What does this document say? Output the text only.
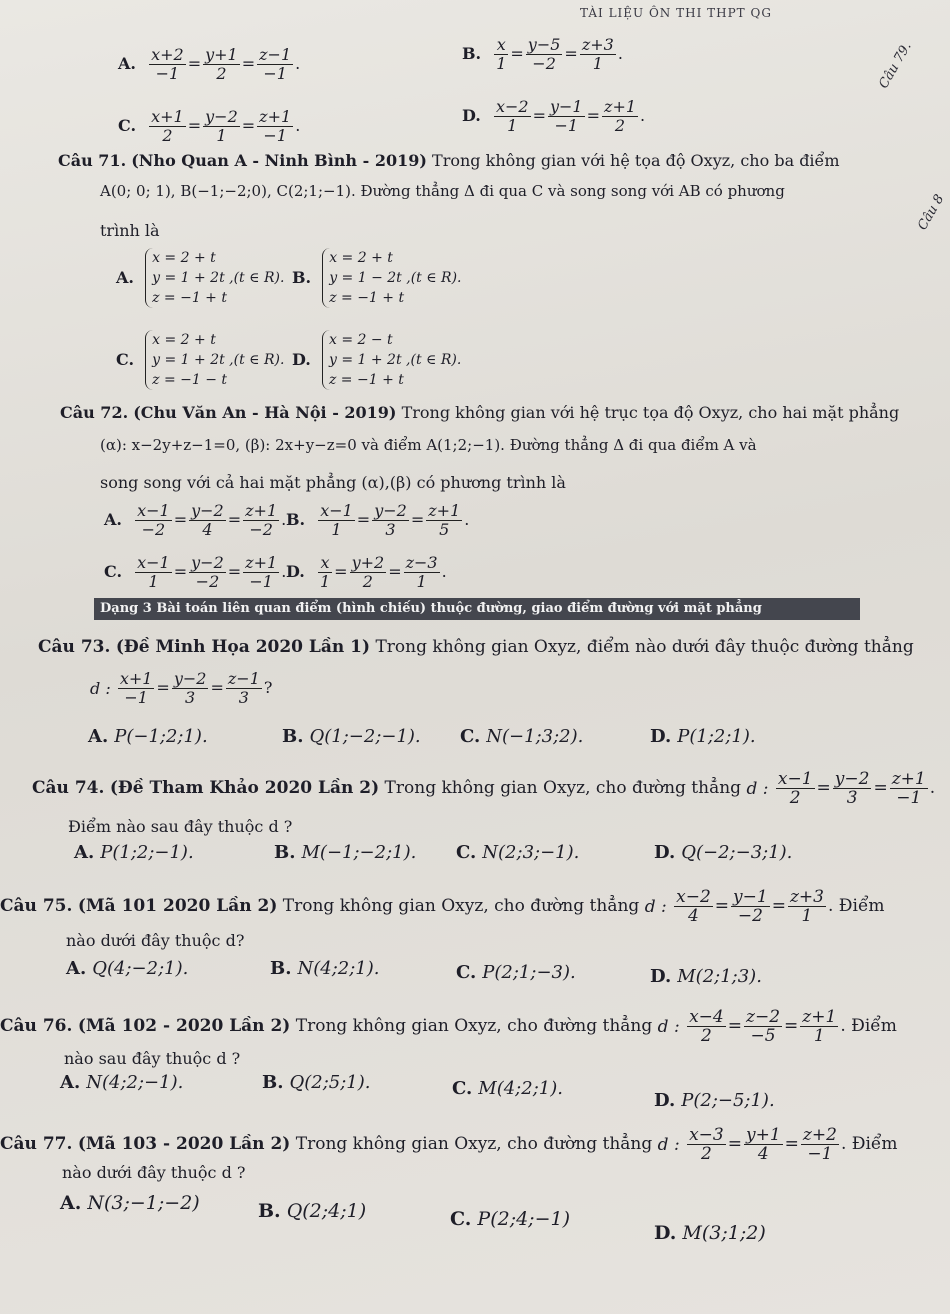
TÀI LIỆU ÔN THI THPT QG
Câu 79.
Câu 8
A. $\frac{x+2}{-1} = \frac{y+1}{2} = \frac{z-1}{-1}$ .
B. $\frac{x}{1} = \frac{y-5}{-2} = \frac{z+3}{1}$ .
C. $\frac{x+1}{2} = \frac{y-2}{1} = \frac{z+1}{-1}$ .
D. $\frac{x-2}{1} = \frac{y-1}{-1} = \frac{z+1}{2}$ .
Câu 71. (Nho Quan A - Ninh Bình - 2019) Trong không gian với hệ tọa độ Oxyz, cho ba điểm
A(0; 0; 1), B(−1;−2;0), C(2;1;−1). Đường thẳng Δ đi qua C và song song với AB có phương
trình là
A.
x = 2 + t
y = 1 + 2t ,(t ∈ R).
z = −1 + t
B.
x = 2 + t
y = 1 − 2t ,(t ∈ R).
z = −1 + t
C.
x = 2 + t
y = 1 + 2t ,(t ∈ R).
z = −1 − t
D.
x = 2 − t
y = 1 + 2t ,(t ∈ R).
z = −1 + t
Câu 72. (Chu Văn An - Hà Nội - 2019) Trong không gian với hệ trục tọa độ Oxyz, cho hai mặt phẳng
(α): x−2y+z−1=0, (β): 2x+y−z=0 và điểm A(1;2;−1). Đường thẳng Δ đi qua điểm A và
song song với cả hai mặt phẳng (α),(β) có phương trình là
A. $\frac{x-1}{-2} = \frac{y-2}{4} = \frac{z+1}{-2}$ . B. $\frac{x-1}{1} = \frac{y-2}{3} = \frac{z+1}{5}$ .
C. $\frac{x-1}{1} = \frac{y-2}{-2} = \frac{z+1}{-1}$ . D. $\frac{x}{1} = \frac{y+2}{2} = \frac{z-3}{1}$ .
Dạng 3 Bài toán liên quan điểm (hình chiếu) thuộc đường, giao điểm đường với mặt phẳng
Câu 73. (Đề Minh Họa 2020 Lần 1) Trong không gian Oxyz, điểm nào dưới đây thuộc đường thẳng
d : $\frac{x+1}{-1} = \frac{y-2}{3} = \frac{z-1}{3}$ ?
A. P(−1;2;1).	B. Q(1;−2;−1). C. N(−1;3;2).	D. P(1;2;1).
Câu 74. (Đề Tham Khảo 2020 Lần 2) Trong không gian Oxyz, cho đường thẳng d : $\frac{x-1}{2} = \frac{y-2}{3} = \frac{z+1}{-1}$ .
Điểm nào sau đây thuộc d ?
A. P(1;2;−1).	B. M(−1;−2;1). C. N(2;3;−1).	D. Q(−2;−3;1).
Câu 75. (Mã 101 2020 Lần 2) Trong không gian Oxyz, cho đường thẳng d : $\frac{x-2}{4} = \frac{y-1}{-2} = \frac{z+3}{1}$ . Điểm
nào dưới đây thuộc d?
A. Q(4;−2;1).	B. N(4;2;1).	C. P(2;1;−3).	D. M(2;1;3).
Câu 76. (Mã 102 - 2020 Lần 2) Trong không gian Oxyz, cho đường thẳng d : $\frac{x-4}{2} = \frac{z-2}{-5} = \frac{z+1}{1}$ . Điểm
nào sau đây thuộc d ?
A. N(4;2;−1).	B. Q(2;5;1).	C. M(4;2;1).
D. P(2;−5;1).
Câu 77. (Mã 103 - 2020 Lần 2) Trong không gian Oxyz, cho đường thẳng d : $\frac{x-3}{2} = \frac{y+1}{4} = \frac{z+2}{-1}$ . Điểm
nào dưới đây thuộc d ?
A. N(3;−1;−2)	B. Q(2;4;1)	C. P(2;4;−1)
D. M(3;1;2)
